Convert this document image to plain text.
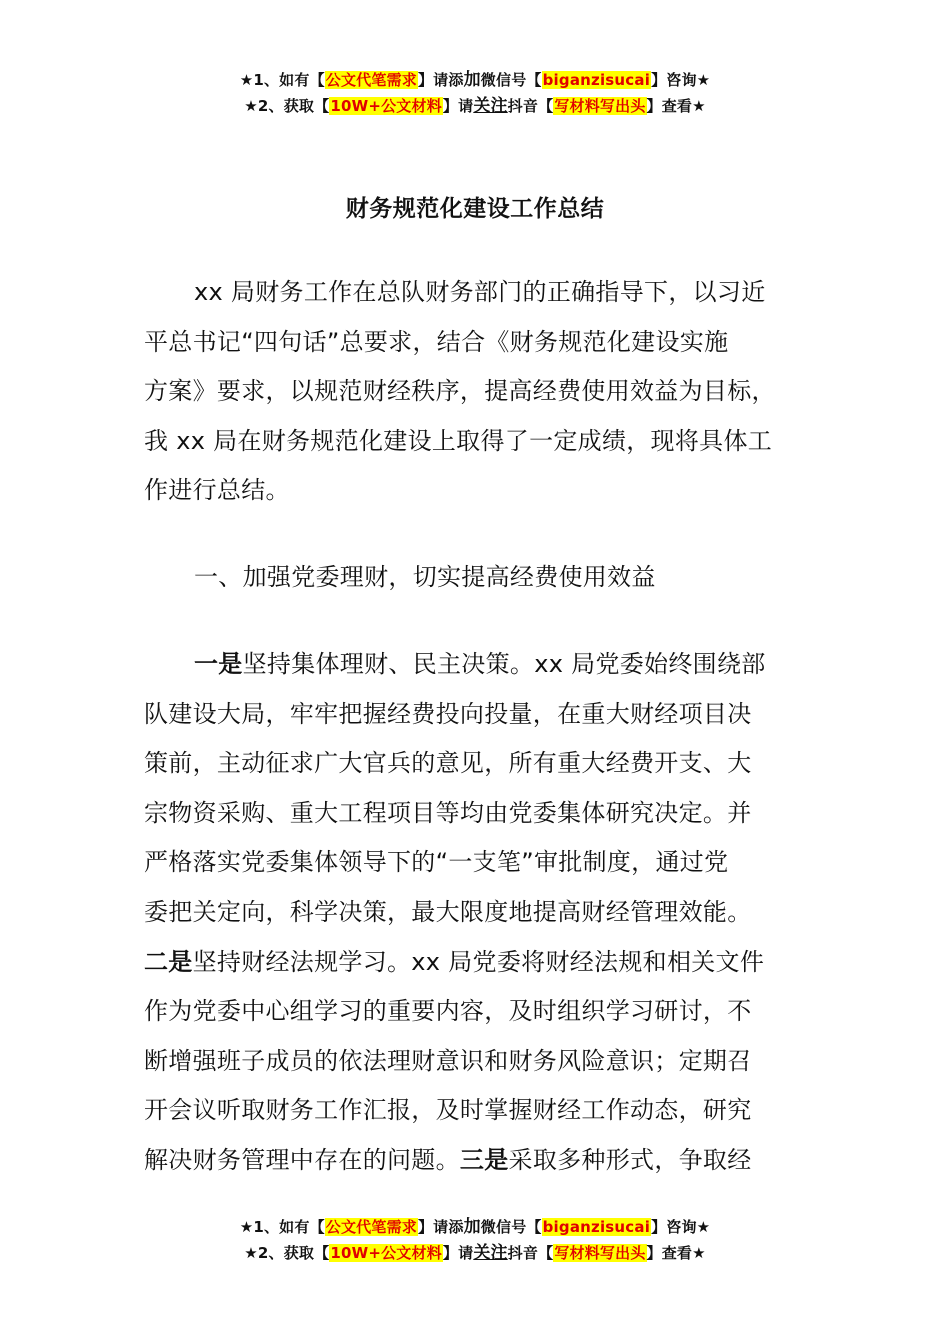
★1、如有【公文代笔需求】请添加微信号【biganzisucai】咨询★
★2、获取【10W+公文材料】请关注抖音【写材料写出头】查看★
财务规范化建设工作总结
xx 局财务工作在总队财务部门的正确指导下，以习近
平总书记“四句话”总要求，结合《财务规范化建设实施
方案》要求，以规范财经秩序，提高经费使用效益为目标，
我 xx 局在财务规范化建设上取得了一定成绩，现将具体工
作进行总结。
一、加强党委理财，切实提高经费使用效益
一是坚持集体理财、民主决策。xx 局党委始终围绕部
队建设大局，牢牢把握经费投向投量，在重大财经项目决
策前，主动征求广大官兵的意见，所有重大经费开支、大
宗物资采购、重大工程项目等均由党委集体研究决定。并
严格落实党委集体领导下的“一支笔”审批制度，通过党
委把关定向，科学决策，最大限度地提高财经管理效能。
二是坚持财经法规学习。xx 局党委将财经法规和相关文件
作为党委中心组学习的重要内容，及时组织学习研讨，不
断增强班子成员的依法理财意识和财务风险意识；定期召
开会议听取财务工作汇报，及时掌握财经工作动态，研究
解决财务管理中存在的问题。三是采取多种形式，争取经
★1、如有【公文代笔需求】请添加微信号【biganzisucai】咨询★
★2、获取【10W+公文材料】请关注抖音【写材料写出头】查看★
